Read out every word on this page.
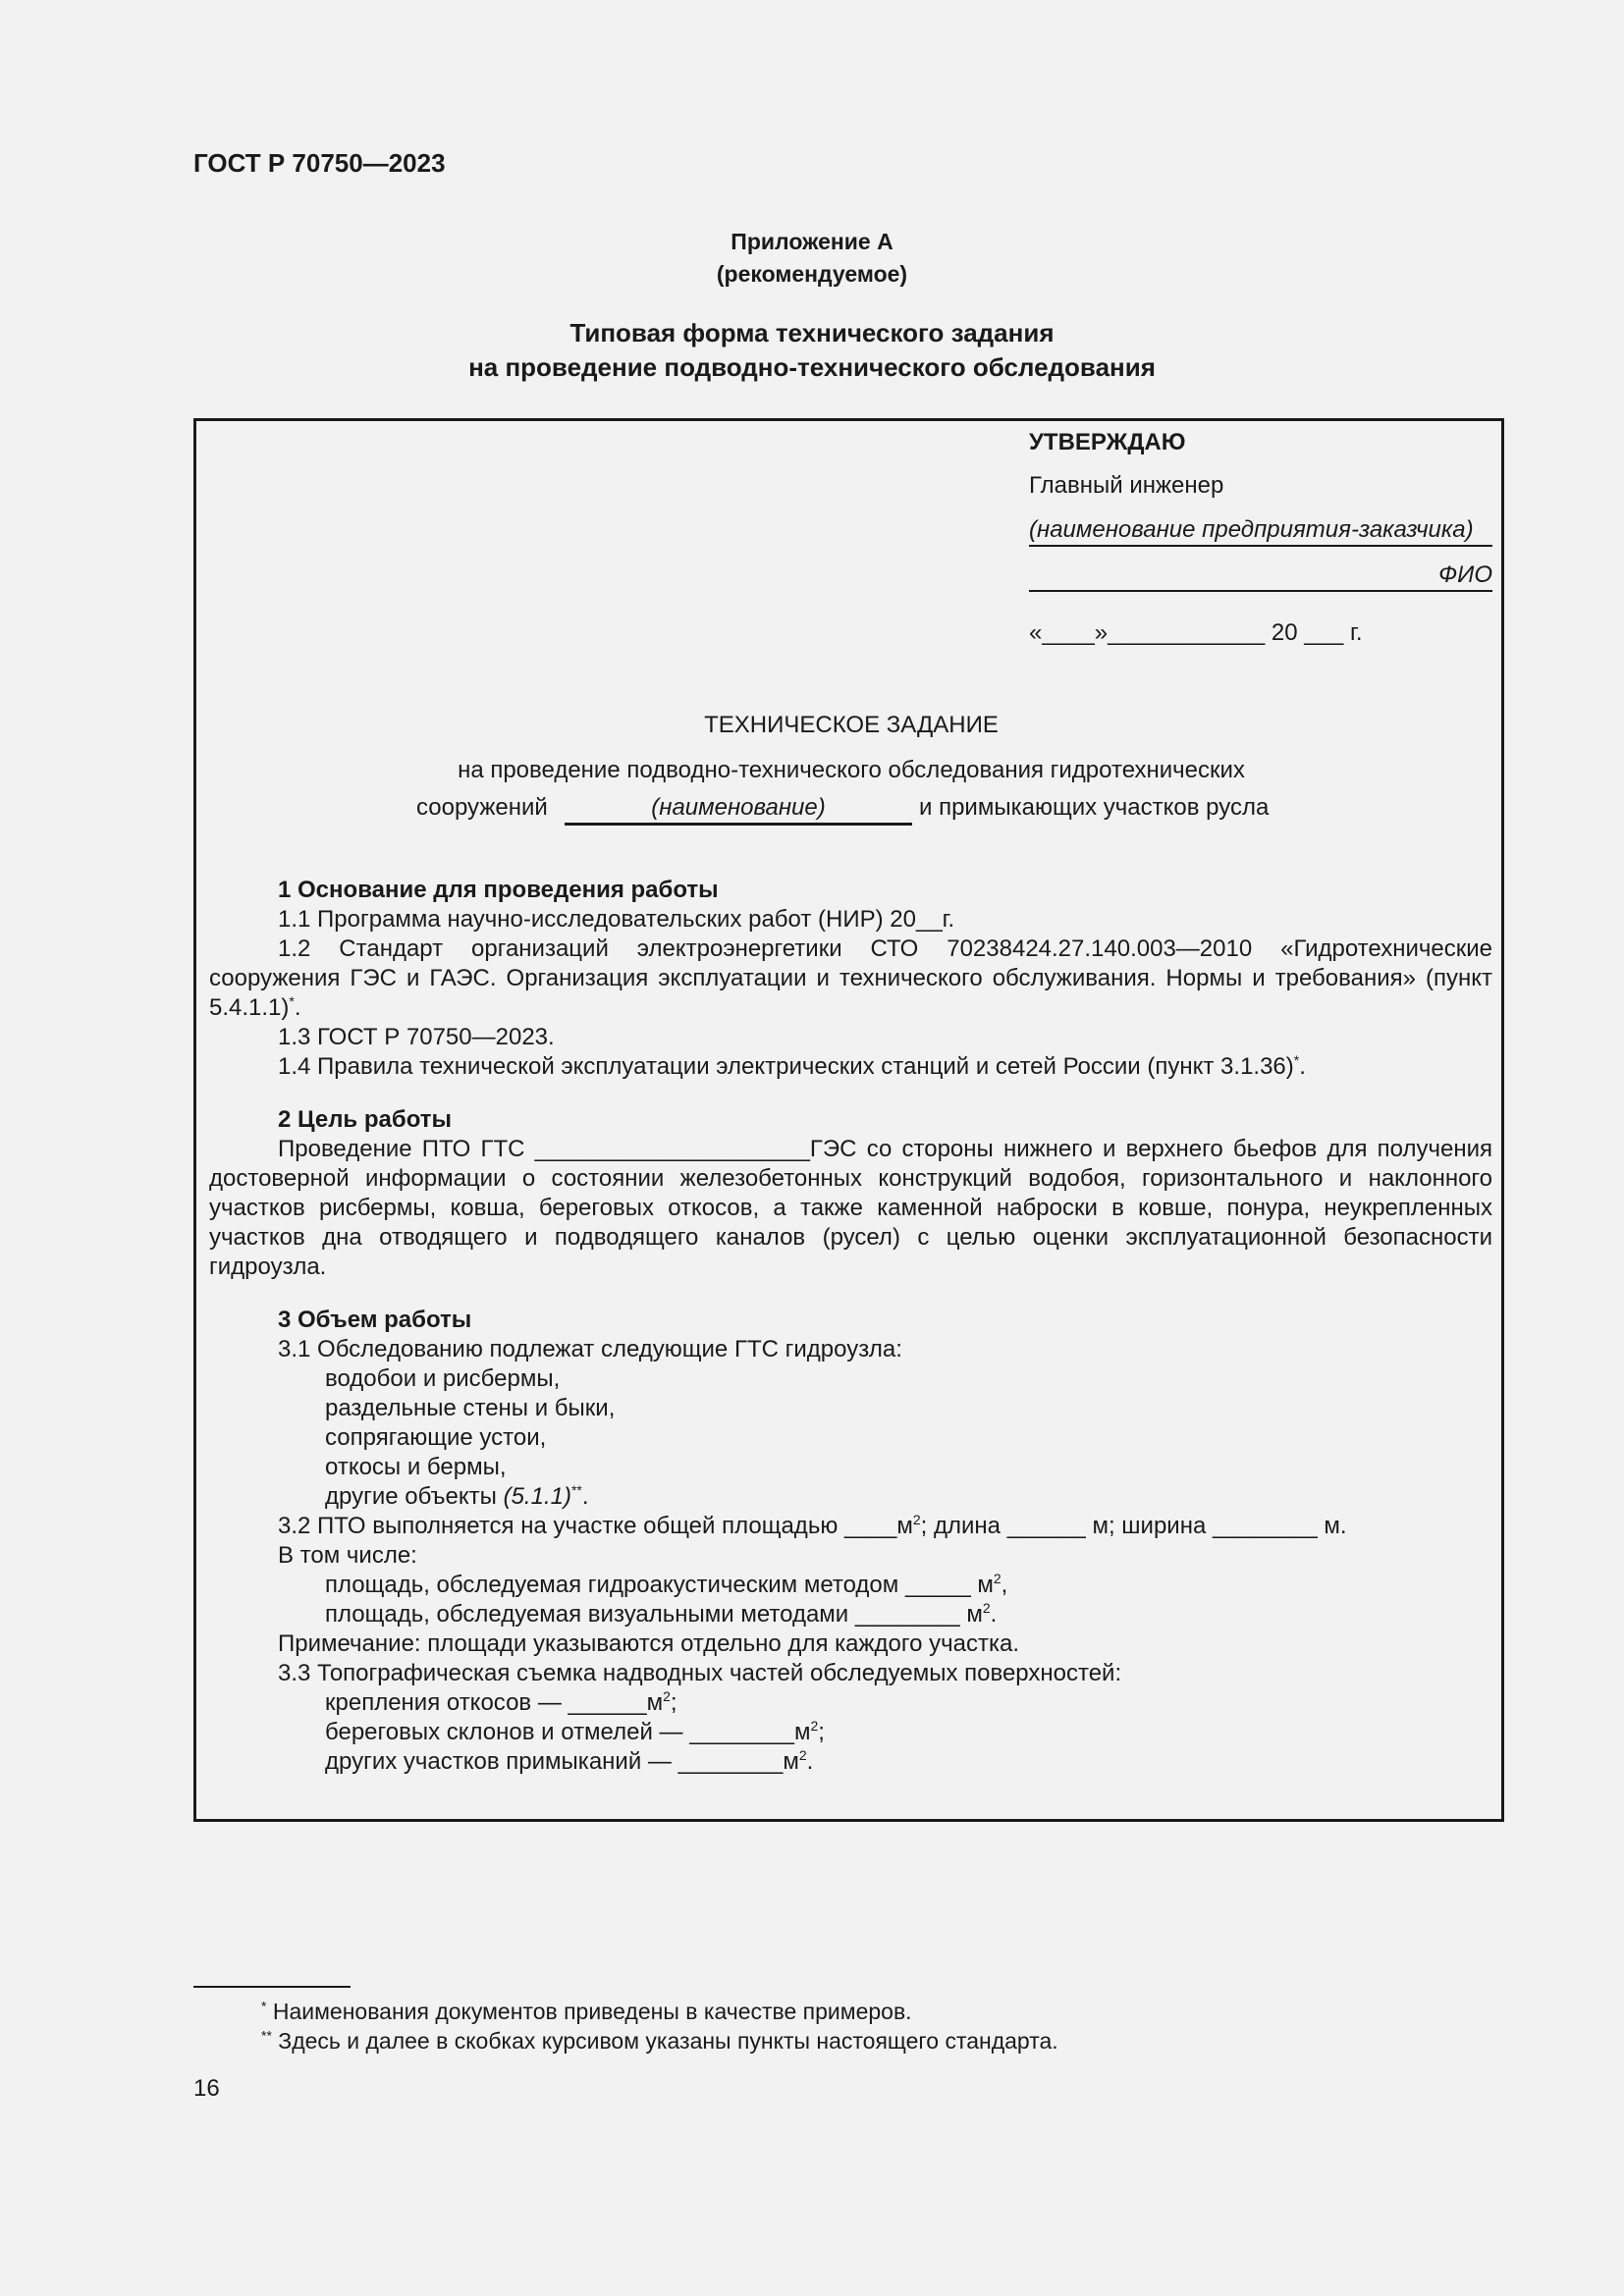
ГОСТ Р 70750—2023
Приложение А
(рекомендуемое)
Типовая форма технического задания
на проведение подводно-технического обследования
УТВЕРЖДАЮ
Главный инженер
(наименование предприятия-заказчика)
ФИО
«____»____________ 20 ___ г.
ТЕХНИЧЕСКОЕ ЗАДАНИЕ
на проведение подводно-технического обследования гидротехнических
сооружений	(наименование)	и примыкающих участков русла
1 Основание для проведения работы
1.1 Программа научно-исследовательских работ (НИР) 20__г.
1.2 Стандарт организаций электроэнергетики СТО 70238424.27.140.003—2010 «Гидротехнические сооружения ГЭС и ГАЭС. Организация эксплуатации и технического обслуживания. Нормы и требования» (пункт 5.4.1.1)*.
1.3 ГОСТ Р 70750—2023.
1.4 Правила технической эксплуатации электрических станций и сетей России (пункт 3.1.36)*.
2 Цель работы
Проведение ПТО ГТС _____________________ГЭС со стороны нижнего и верхнего бьефов для получения достоверной информации о состоянии железобетонных конструкций водобоя, горизонтального и наклонного участков рисбермы, ковша, береговых откосов, а также каменной наброски в ковше, понура, неукрепленных участков дна отводящего и подводящего каналов (русел) с целью оценки эксплуатационной безопасности гидроузла.
3 Объем работы
3.1 Обследованию подлежат следующие ГТС гидроузла:
водобои и рисбермы,
раздельные стены и быки,
сопрягающие устои,
откосы и бермы,
другие объекты (5.1.1)**.
3.2 ПТО выполняется на участке общей площадью $\_\_\_\_м^2$; длина ______ м; ширина ________ м.
В том числе:
площадь, обследуемая гидроакустическим методом _____ $м^2$,
площадь, обследуемая визуальными методами ________ $м^2$.
Примечание: площади указываются отдельно для каждого участка.
3.3 Топографическая съемка надводных частей обследуемых поверхностей:
крепления откосов — $\_\_\_\_\_\_м^2$;
береговых склонов и отмелей — $\_\_\_\_\_\_\_\_м^2$;
других участков примыканий — $\_\_\_\_\_\_\_\_м^2$.
* Наименования документов приведены в качестве примеров.
** Здесь и далее в скобках курсивом указаны пункты настоящего стандарта.
16
